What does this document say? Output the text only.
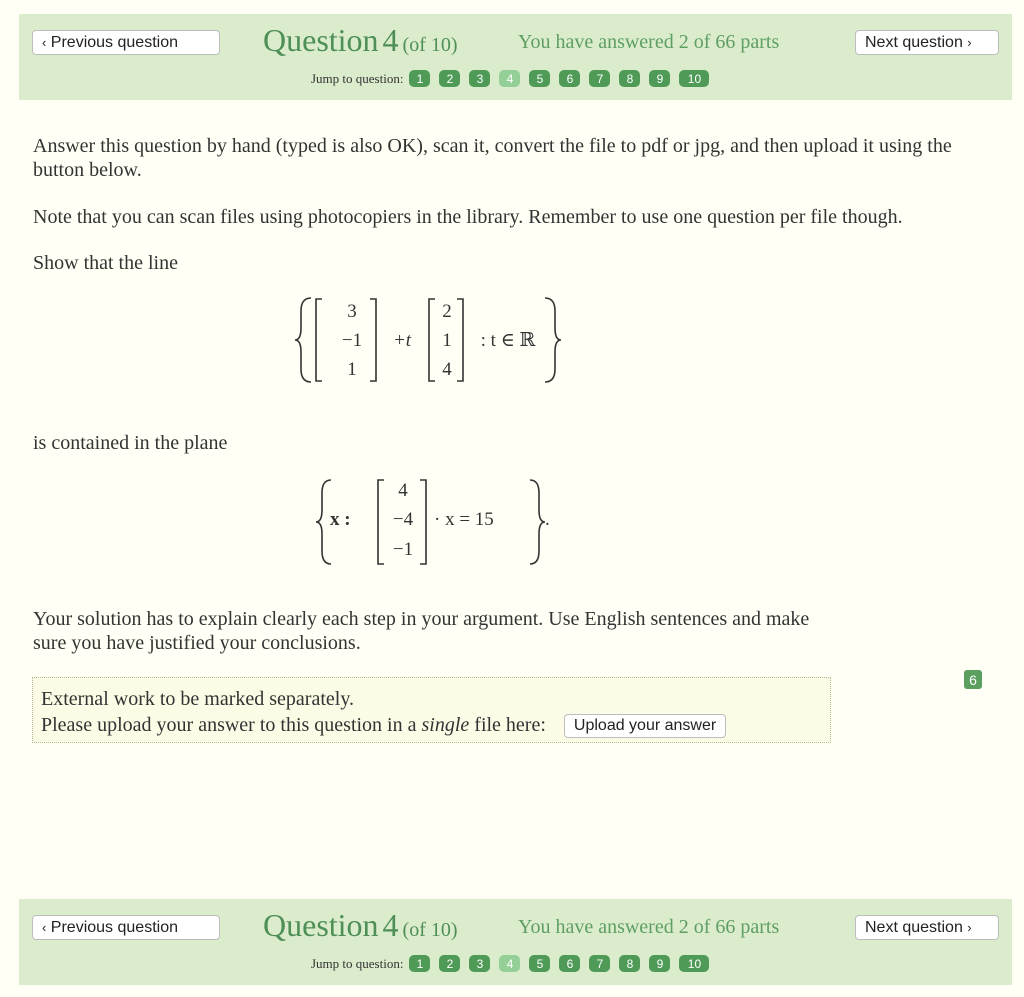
‹
Previous question	Question 4 (of 10)	You have answered 2 of 66 parts	Next question
›
Jump to question:	1	2	3	4	5	6	7	8	9	10
Answer this question by hand (typed is also OK), scan it, convert the file to pdf or jpg, and then upload it using the button below.
Note that you can scan files using photocopiers in the library. Remember to use one question per file though.
Show that the line
3
−1
1
+t
2
1
4
: t ∈ ℝ
is contained in the plane
x :
4
−4
−1
· x = 15	.
Your solution has to explain clearly each step in your argument. Use English sentences and make sure you have justified your conclusions.
External work to be marked separately.
Please upload your answer to this question in a single file here: Upload your answer
6
‹
Previous question	Question 4 (of 10)	You have answered 2 of 66 parts	Next question
›
Jump to question:	1	2	3	4	5	6	7	8	9	10
